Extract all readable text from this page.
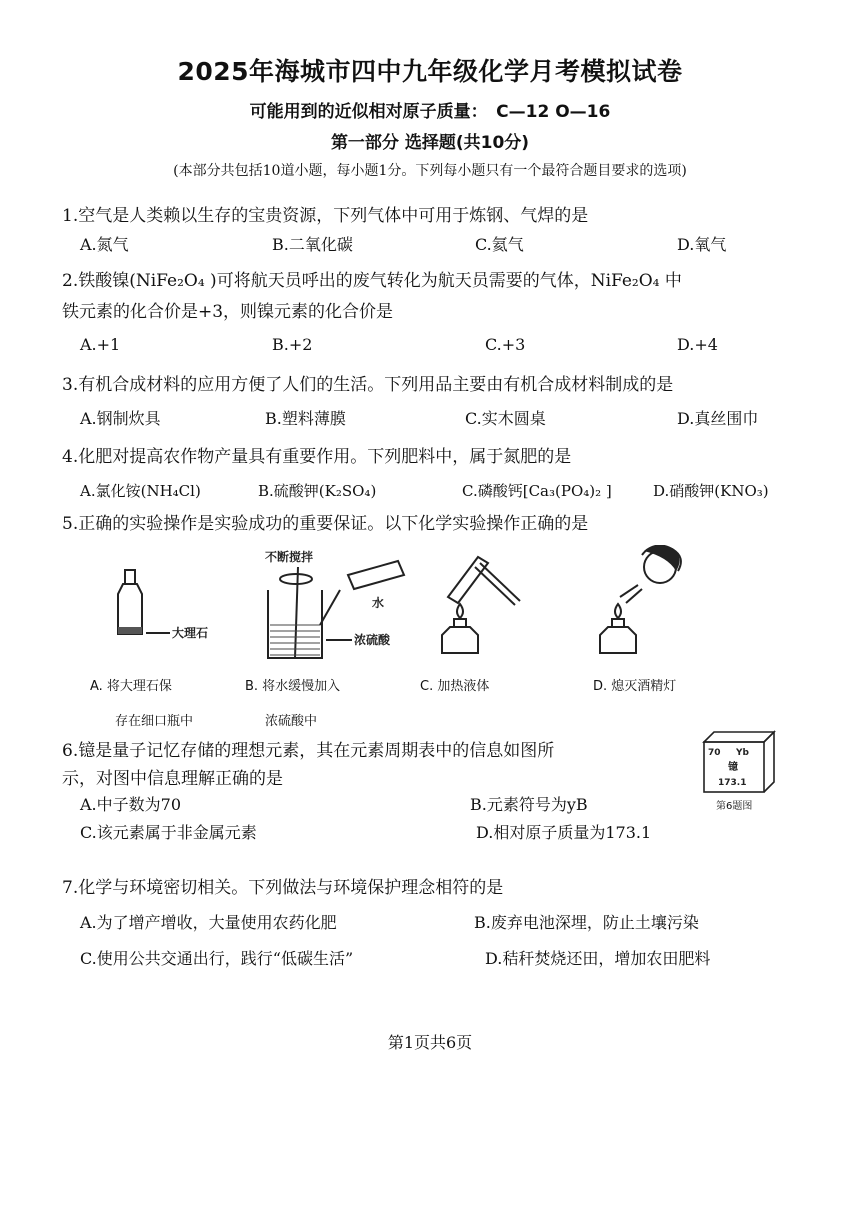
2025年海城市四中九年级化学月考模拟试卷
可能用到的近似相对原子质量：　C—12 O—16
第一部分 选择题(共10分)
(本部分共包括10道小题，每小题1分。下列每小题只有一个最符合题目要求的选项)
1.空气是人类赖以生存的宝贵资源，下列气体中可用于炼钢、气焊的是
A.氮气	B.二氧化碳	C.氦气	D.氧气
2.铁酸镍(NiFe₂O₄ )可将航天员呼出的废气转化为航天员需要的气体，NiFe₂O₄ 中
铁元素的化合价是+3，则镍元素的化合价是
A.+1	B.+2	C.+3	D.+4
3.有机合成材料的应用方便了人们的生活。下列用品主要由有机合成材料制成的是
A.钢制炊具	B.塑料薄膜	C.实木圆桌	D.真丝围巾
4.化肥对提高农作物产量具有重要作用。下列肥料中，属于氮肥的是
A.氯化铵(NH₄Cl)	B.硫酸钾(K₂SO₄)	C.磷酸钙[Ca₃(PO₄)₂ ]	D.硝酸钾(KNO₃)
5.正确的实验操作是实验成功的重要保证。以下化学实验操作正确的是
大理石
不断搅拌
水
浓硫酸
A. 将大理石保	B. 将水缓慢加入	C. 加热液体	D. 熄灭酒精灯
存在细口瓶中	浓硫酸中
6.镱是量子记忆存储的理想元素，其在元素周期表中的信息如图所
示，对图中信息理解正确的是
A.中子数为70	B.元素符号为yB
C.该元素属于非金属元素	D.相对原子质量为173.1
70 Yb
镱
173.1
第6题图
7.化学与环境密切相关。下列做法与环境保护理念相符的是
A.为了增产增收，大量使用农药化肥	B.废弃电池深埋，防止土壤污染
C.使用公共交通出行，践行“低碳生活”	D.秸秆焚烧还田，增加农田肥料
第1页共6页
